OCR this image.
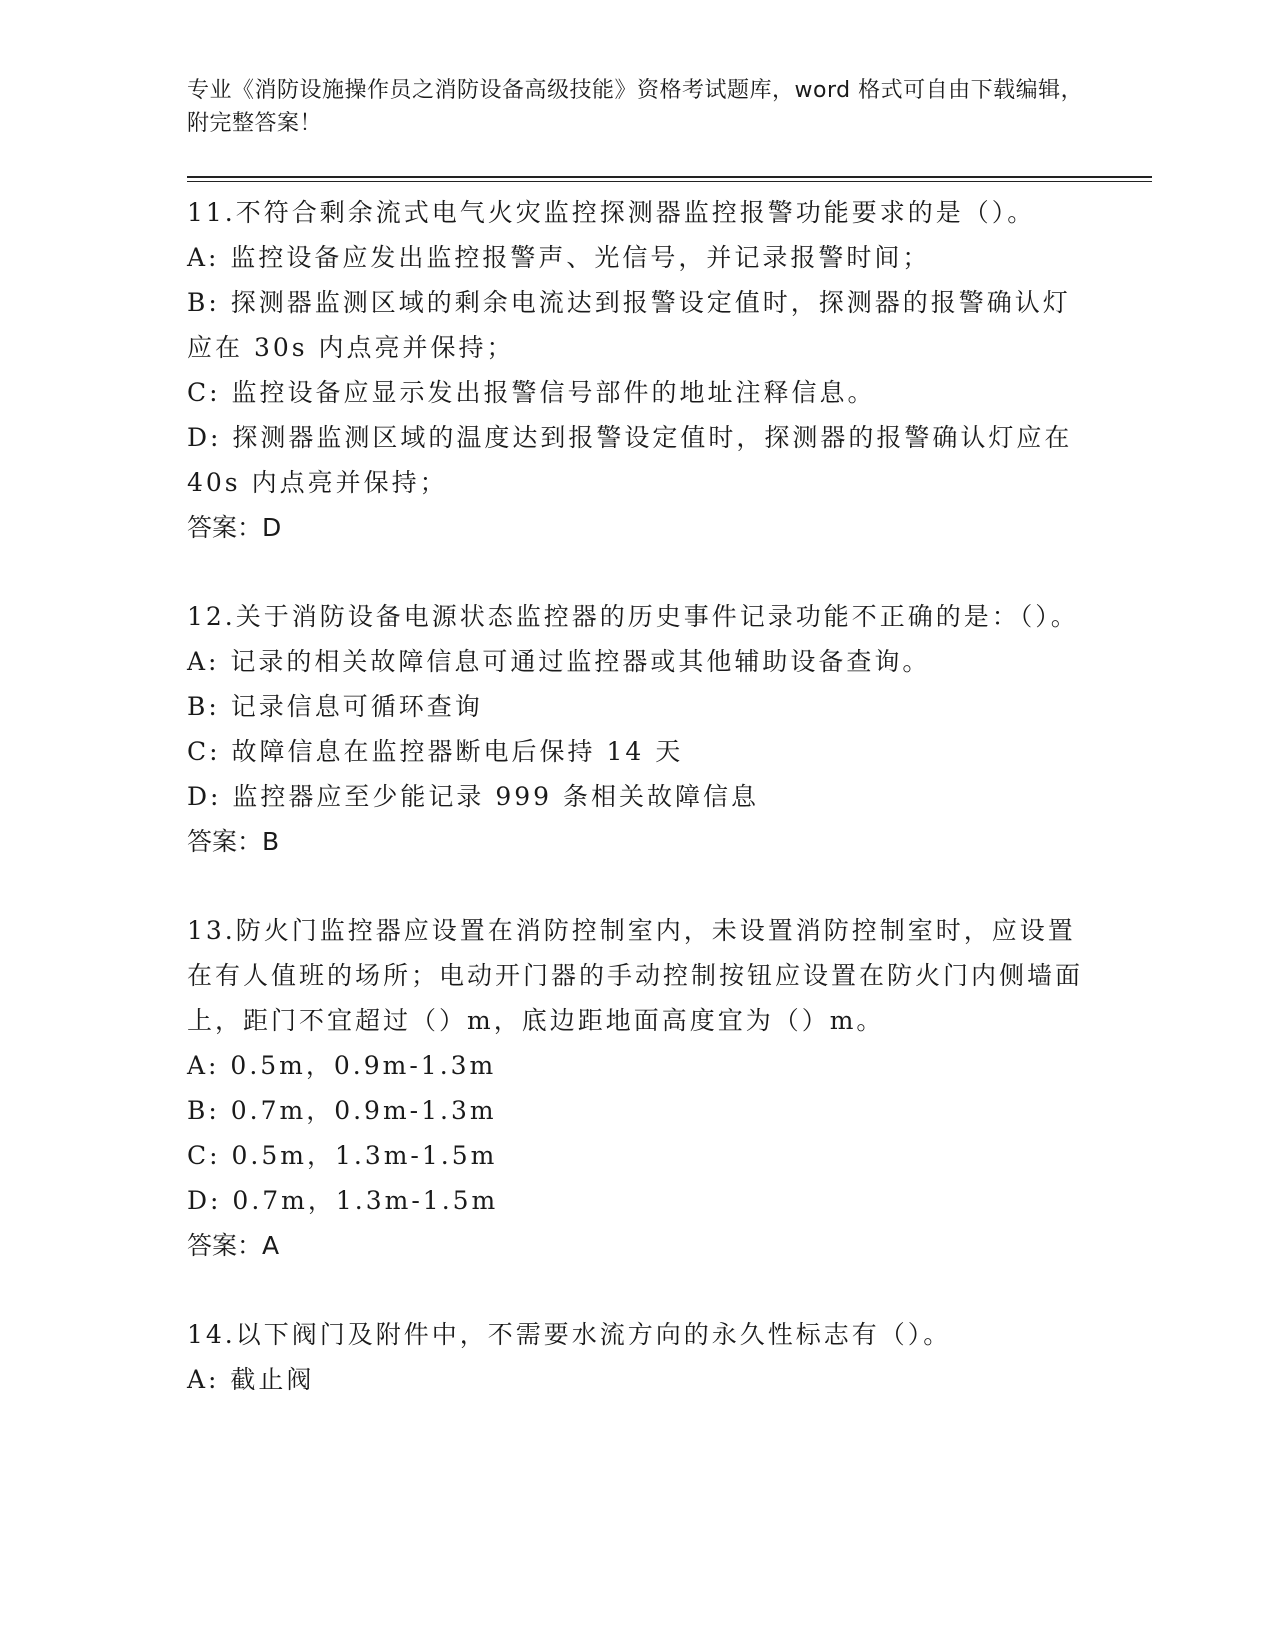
专业《消防设施操作员之消防设备高级技能》资格考试题库，word 格式可自由下载编辑，附完整答案！

11.不符合剩余流式电气火灾监控探测器监控报警功能要求的是（）。

A: 监控设备应发出监控报警声、光信号，并记录报警时间；

B: 探测器监测区域的剩余电流达到报警设定值时，探测器的报警确认灯应在 30s 内点亮并保持；

C: 监控设备应显示发出报警信号部件的地址注释信息。

D: 探测器监测区域的温度达到报警设定值时，探测器的报警确认灯应在 40s 内点亮并保持；

答案：D

12.关于消防设备电源状态监控器的历史事件记录功能不正确的是：（）。

A: 记录的相关故障信息可通过监控器或其他辅助设备查询。

B: 记录信息可循环查询

C: 故障信息在监控器断电后保持 14 天

D: 监控器应至少能记录 999 条相关故障信息

答案：B

13.防火门监控器应设置在消防控制室内，未设置消防控制室时，应设置在有人值班的场所；电动开门器的手动控制按钮应设置在防火门内侧墙面上，距门不宜超过（）m，底边距地面高度宜为（）m。

A: 0.5m，0.9m-1.3m

B: 0.7m，0.9m-1.3m

C: 0.5m，1.3m-1.5m

D: 0.7m，1.3m-1.5m

答案：A

14.以下阀门及附件中，不需要水流方向的永久性标志有（）。

A: 截止阀
